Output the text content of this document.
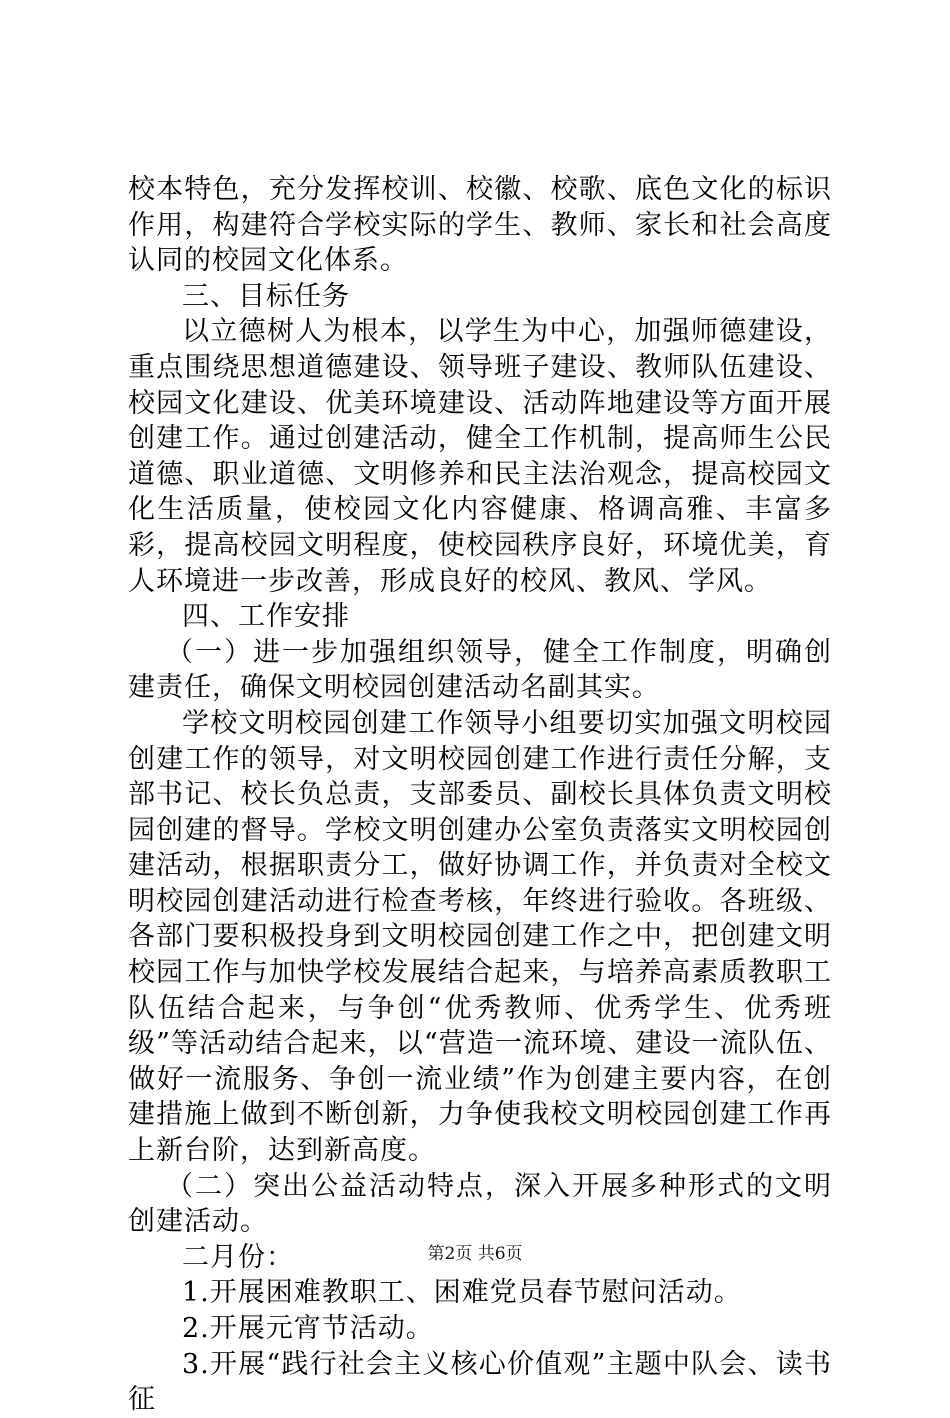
校本特色，充分发挥校训、校徽、校歌、底色文化的标识作用，构建符合学校实际的学生、教师、家长和社会高度认同的校园文化体系。

三、目标任务

以立德树人为根本，以学生为中心，加强师德建设，重点围绕思想道德建设、领导班子建设、教师队伍建设、校园文化建设、优美环境建设、活动阵地建设等方面开展创建工作。通过创建活动，健全工作机制，提高师生公民道德、职业道德、文明修养和民主法治观念，提高校园文化生活质量，使校园文化内容健康、格调高雅、丰富多彩，提高校园文明程度，使校园秩序良好，环境优美，育人环境进一步改善，形成良好的校风、教风、学风。

四、工作安排

（一）进一步加强组织领导，健全工作制度，明确创建责任，确保文明校园创建活动名副其实。

学校文明校园创建工作领导小组要切实加强文明校园创建工作的领导，对文明校园创建工作进行责任分解，支部书记、校长负总责，支部委员、副校长具体负责文明校园创建的督导。学校文明创建办公室负责落实文明校园创建活动，根据职责分工，做好协调工作，并负责对全校文明校园创建活动进行检查考核，年终进行验收。各班级、各部门要积极投身到文明校园创建工作之中，把创建文明校园工作与加快学校发展结合起来，与培养高素质教职工队伍结合起来，与争创“优秀教师、优秀学生、优秀班级”等活动结合起来，以“营造一流环境、建设一流队伍、做好一流服务、争创一流业绩”作为创建主要内容，在创建措施上做到不断创新，力争使我校文明校园创建工作再上新台阶，达到新高度。

（二）突出公益活动特点，深入开展多种形式的文明创建活动。

二月份：

1.开展困难教职工、困难党员春节慰问活动。

2.开展元宵节活动。

3.开展“践行社会主义核心价值观”主题中队会、读书征

第2页 共6页
